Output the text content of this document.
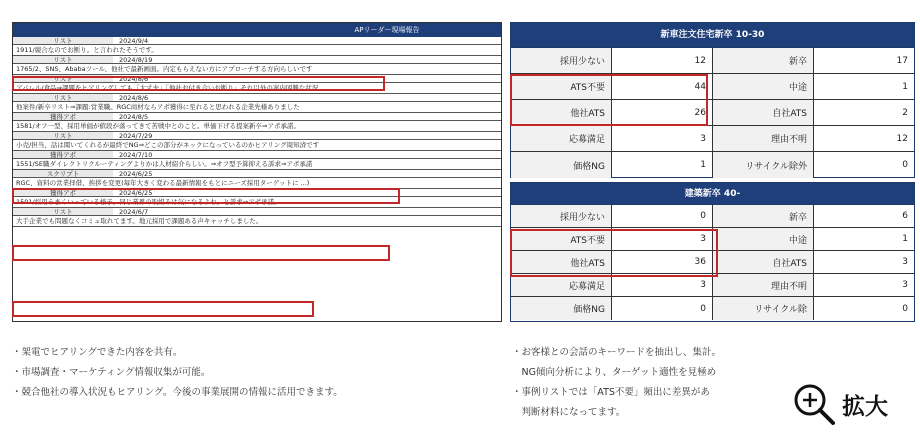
APリーダー現場報告
リスト	2024/9/4
1911/競合なのでお断り。と言われたそうです。
リスト	2024/8/19
1765/2、SNS、Ababaツール、他社で最新画面。内定もらえない方にアプローチする方向らしいです
リスト	2024/8/6
アパレル/食品⇒課題をヒアリングしても「大丈夫」「他社お付き合いお断り」それ以外の案内困難な状況
リスト	2024/8/6
他案件/新卒リスト⇒課題:営業職。RGC商材ならアポ獲得に至れると思われる企業先様ありました
獲得アポ	2024/8/5
1581/オフ一型、採用単価が値段が落ってきて苦戦中とのこと。単価下げる提案新卒⇒アポ承諾。
リスト	2024/7/29
小売/担当、話は聞いてくれるが最終でNG⇒どこの部分がネックになっているのかヒアリング周知済です
獲得アポ	2024/7/10
1551/SE職ダイレクトリクルーティングよりかは人材紹介らしい。⇒オフ型予算抑える訴求⇒アポ承諾
スクリプト	2024/6/25
RGC、資料の営業拝借、挨拶を変更(毎年大きく変わる最新情報をもとにニーズ採用ターゲットに ...)
獲得アポ	2024/6/25
1501/採用うまくいっている様子。同じ業界の取組みは気になるよね。と訴求⇒アポ承諾。
リスト	2024/6/7
大手企業でも問題なくコミュ取れてます。地元採用で課題ある声キャッチしました。
新車注文住宅新卒 10-30
採用少ない	12	新卒	17
ATS不要	44	中途	1
他社ATS	26	自社ATS	2
応募満足	3	理由不明	12
価格NG	1	リサイクル除外	0
建築新卒 40-
採用少ない	0	新卒	6
ATS不要	3	中途	1
他社ATS	36	自社ATS	3
応募満足	3	理由不明	3
価格NG	0	リサイクル除	0
・架電でヒアリングできた内容を共有。
・市場調査・マーケティング情報収集が可能。
・競合他社の導入状況もヒアリング。今後の事業展開の情報に活用できます。
・お客様との会話のキーワードを抽出し、集計。
　NG傾向分析により、ターゲット適性を見極め
・事例リストでは「ATS不要」頻出に差異があ
　判断材料になってます。	拡大
